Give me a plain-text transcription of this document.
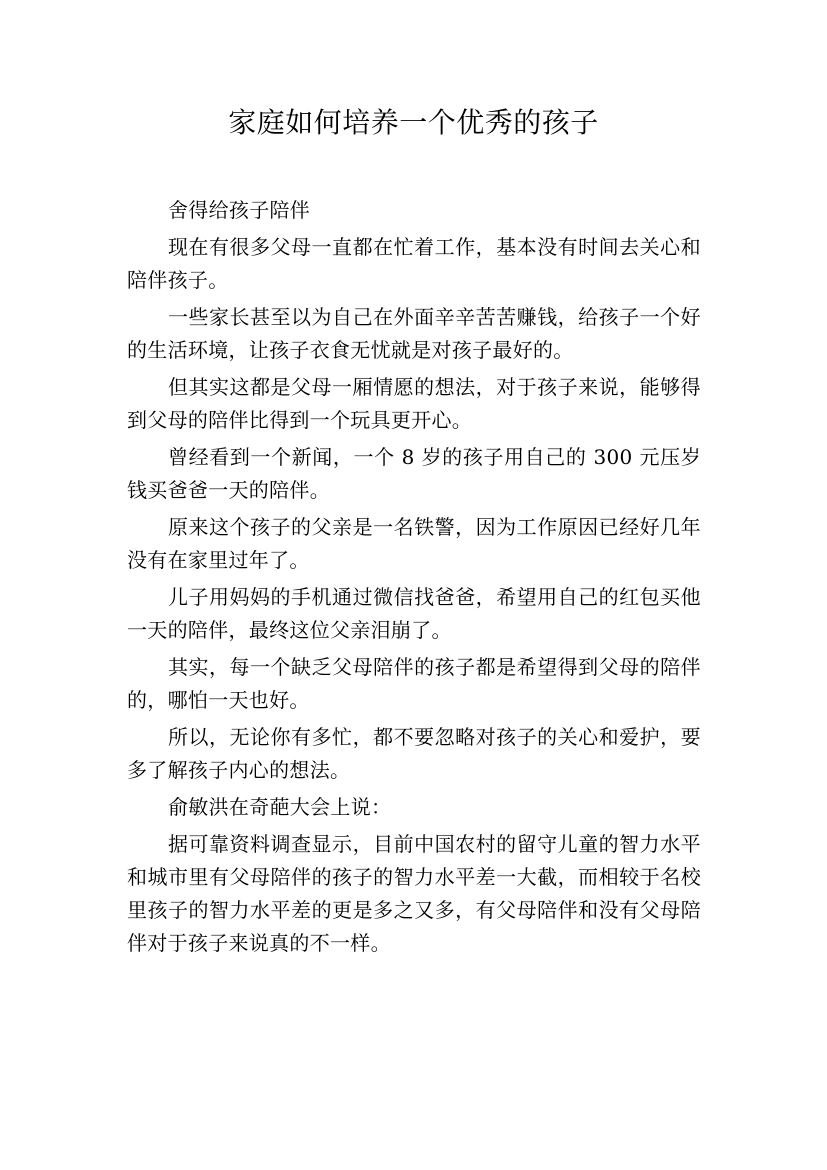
家庭如何培养一个优秀的孩子

舍得给孩子陪伴

现在有很多父母一直都在忙着工作，基本没有时间去关心和陪伴孩子。

一些家长甚至以为自己在外面辛辛苦苦赚钱，给孩子一个好的生活环境，让孩子衣食无忧就是对孩子最好的。

但其实这都是父母一厢情愿的想法，对于孩子来说，能够得到父母的陪伴比得到一个玩具更开心。

曾经看到一个新闻，一个 8 岁的孩子用自己的 300 元压岁钱买爸爸一天的陪伴。

原来这个孩子的父亲是一名铁警，因为工作原因已经好几年没有在家里过年了。

儿子用妈妈的手机通过微信找爸爸，希望用自己的红包买他一天的陪伴，最终这位父亲泪崩了。

其实，每一个缺乏父母陪伴的孩子都是希望得到父母的陪伴的，哪怕一天也好。

所以，无论你有多忙，都不要忽略对孩子的关心和爱护，要多了解孩子内心的想法。

俞敏洪在奇葩大会上说：

据可靠资料调查显示，目前中国农村的留守儿童的智力水平和城市里有父母陪伴的孩子的智力水平差一大截，而相较于名校里孩子的智力水平差的更是多之又多，有父母陪伴和没有父母陪伴对于孩子来说真的不一样。
